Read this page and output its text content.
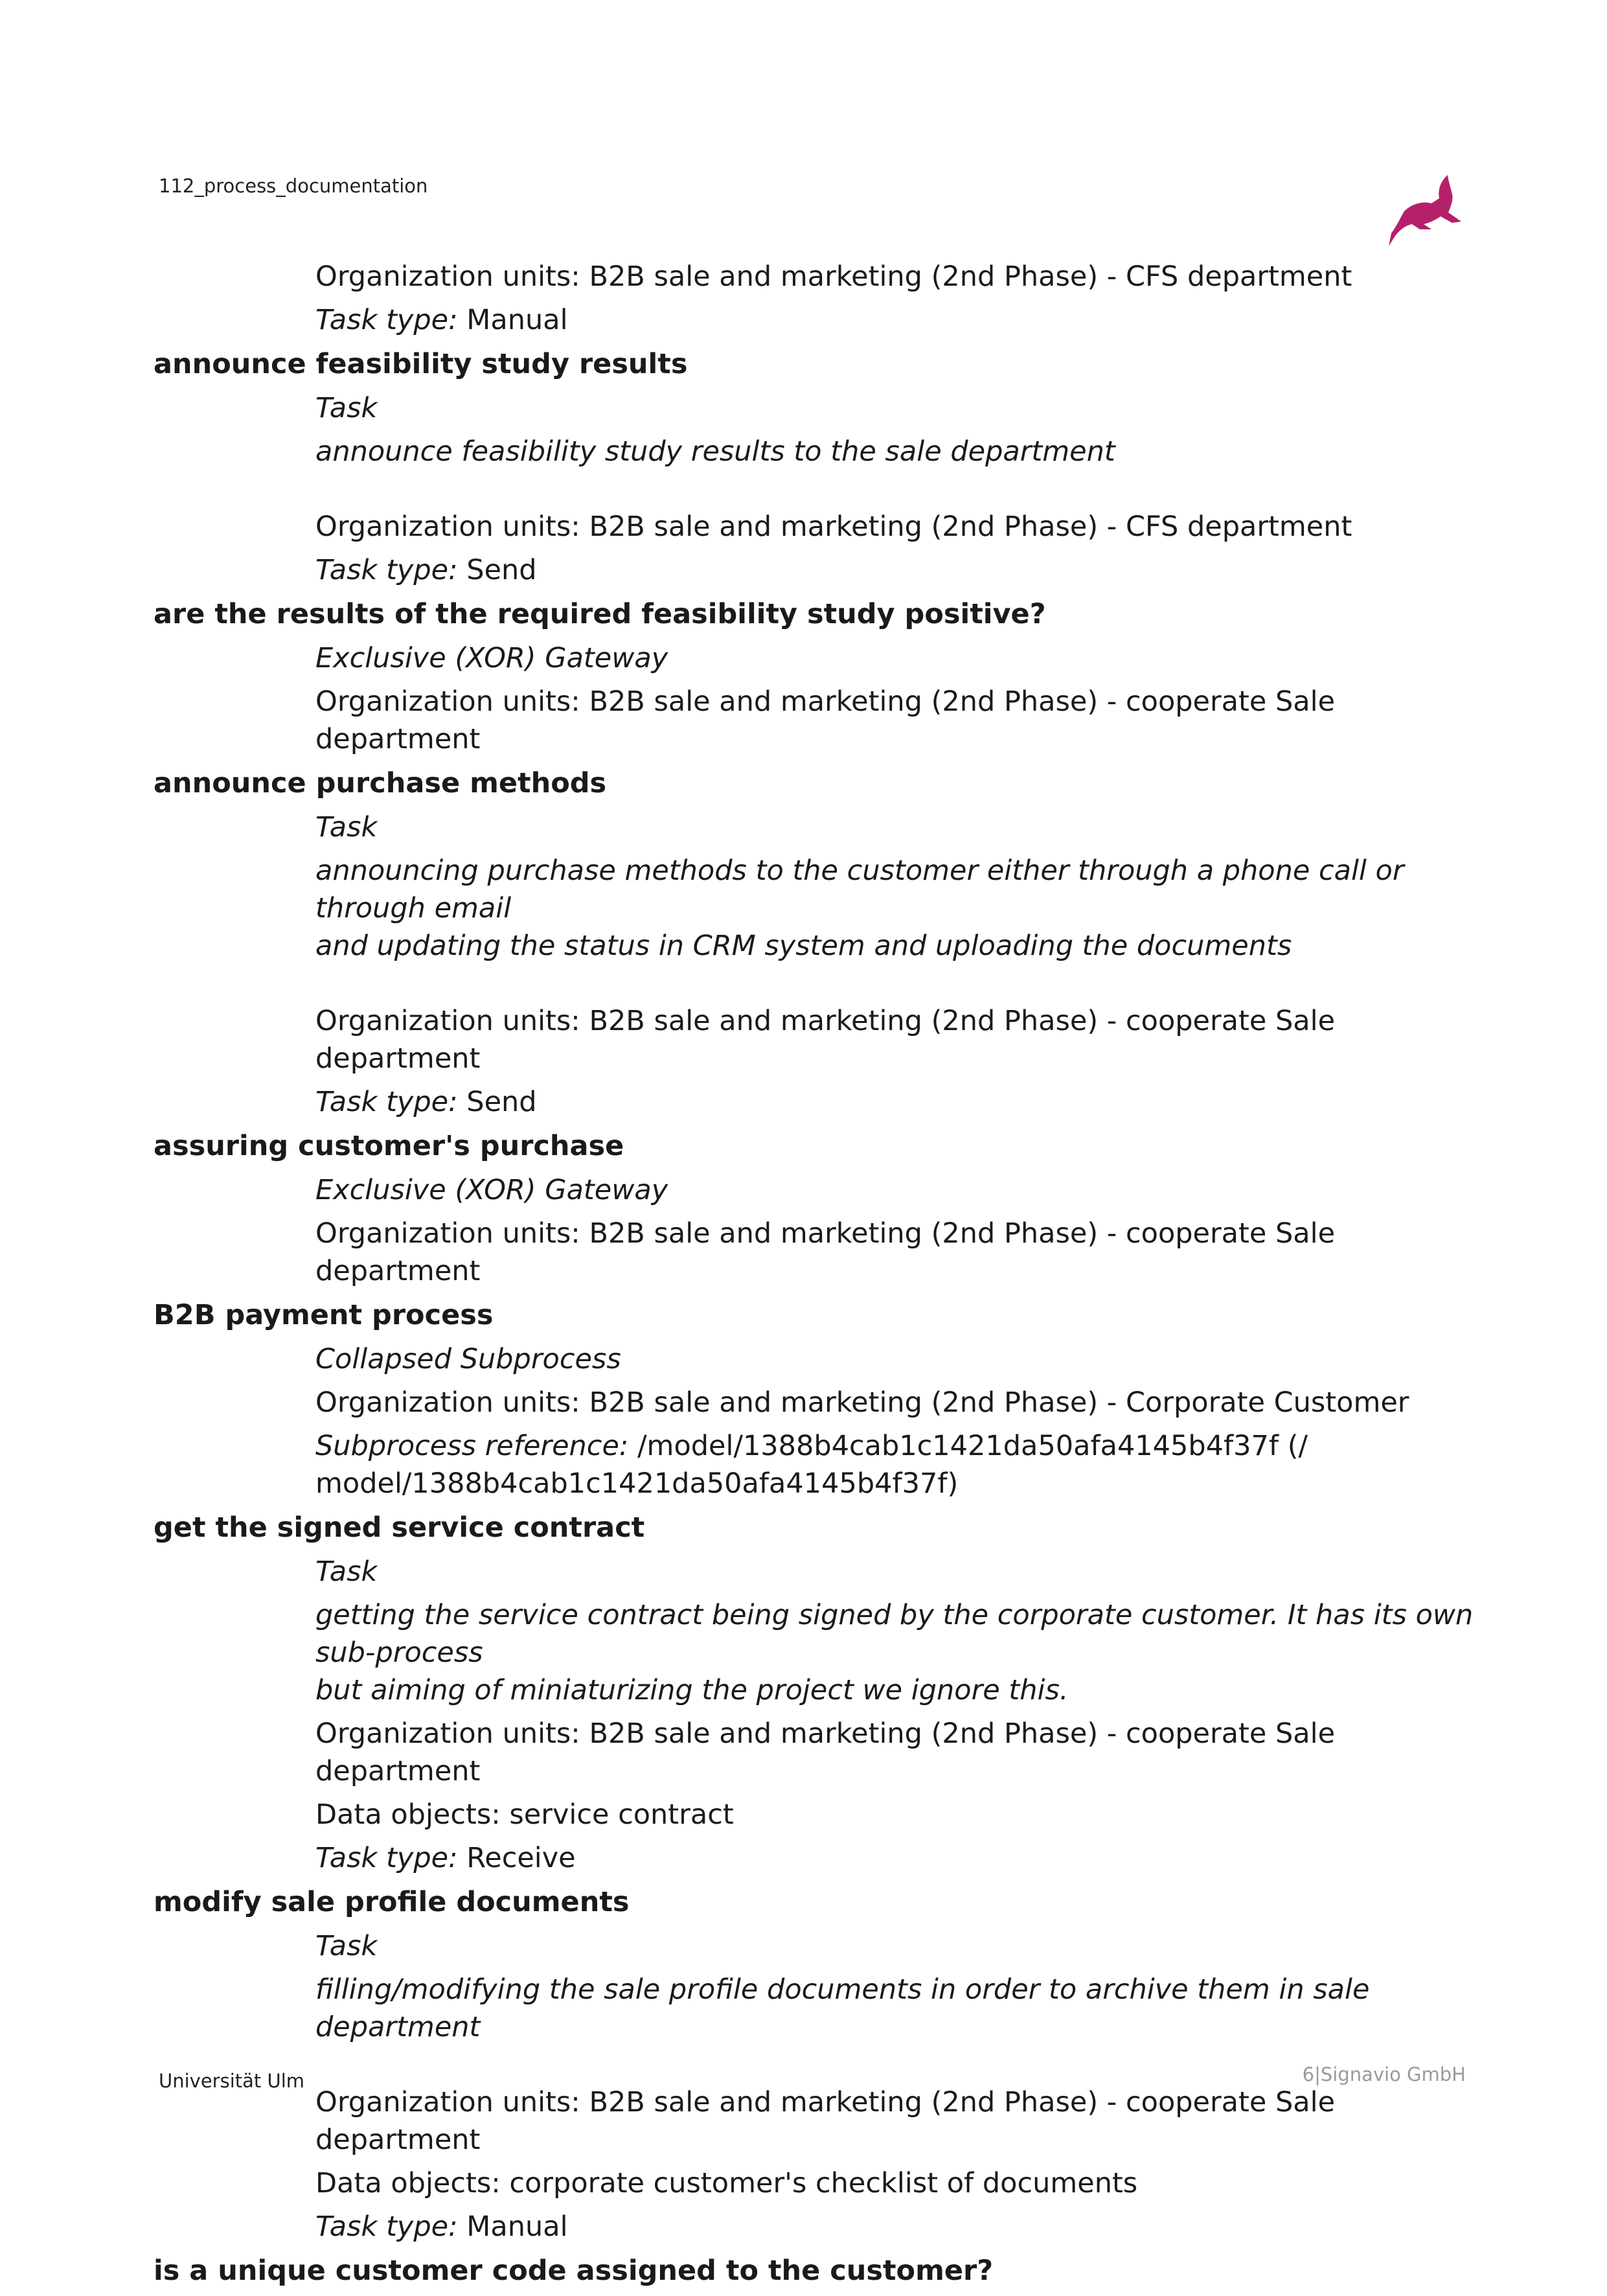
112_process_documentation
Organization units: B2B sale and marketing (2nd Phase) - CFS department
Task type: Manual
announce feasibility study results
Task
announce feasibility study results to the sale department
Organization units: B2B sale and marketing (2nd Phase) - CFS department
Task type: Send
are the results of the required feasibility study positive?
Exclusive (XOR) Gateway
Organization units: B2B sale and marketing (2nd Phase) - cooperate Sale department
announce purchase methods
Task
announcing purchase methods to the customer either through a phone call or through email
and updating the status in CRM system and uploading the documents
Organization units: B2B sale and marketing (2nd Phase) - cooperate Sale department
Task type: Send
assuring customer's purchase
Exclusive (XOR) Gateway
Organization units: B2B sale and marketing (2nd Phase) - cooperate Sale department
B2B payment process
Collapsed Subprocess
Organization units: B2B sale and marketing (2nd Phase) - Corporate Customer
Subprocess reference: /model/1388b4cab1c1421da50afa4145b4f37f (/
model/1388b4cab1c1421da50afa4145b4f37f)
get the signed service contract
Task
getting the service contract being signed by the corporate customer. It has its own sub-process
but aiming of miniaturizing the project we ignore this.
Organization units: B2B sale and marketing (2nd Phase) - cooperate Sale department
Data objects: service contract
Task type: Receive
modify sale profile documents
Task
filling/modifying the sale profile documents in order to archive them in sale department
Organization units: B2B sale and marketing (2nd Phase) - cooperate Sale department
Data objects: corporate customer's checklist of documents
Task type: Manual
is a unique customer code assigned to the customer?
Universität Ulm	6|Signavio GmbH
